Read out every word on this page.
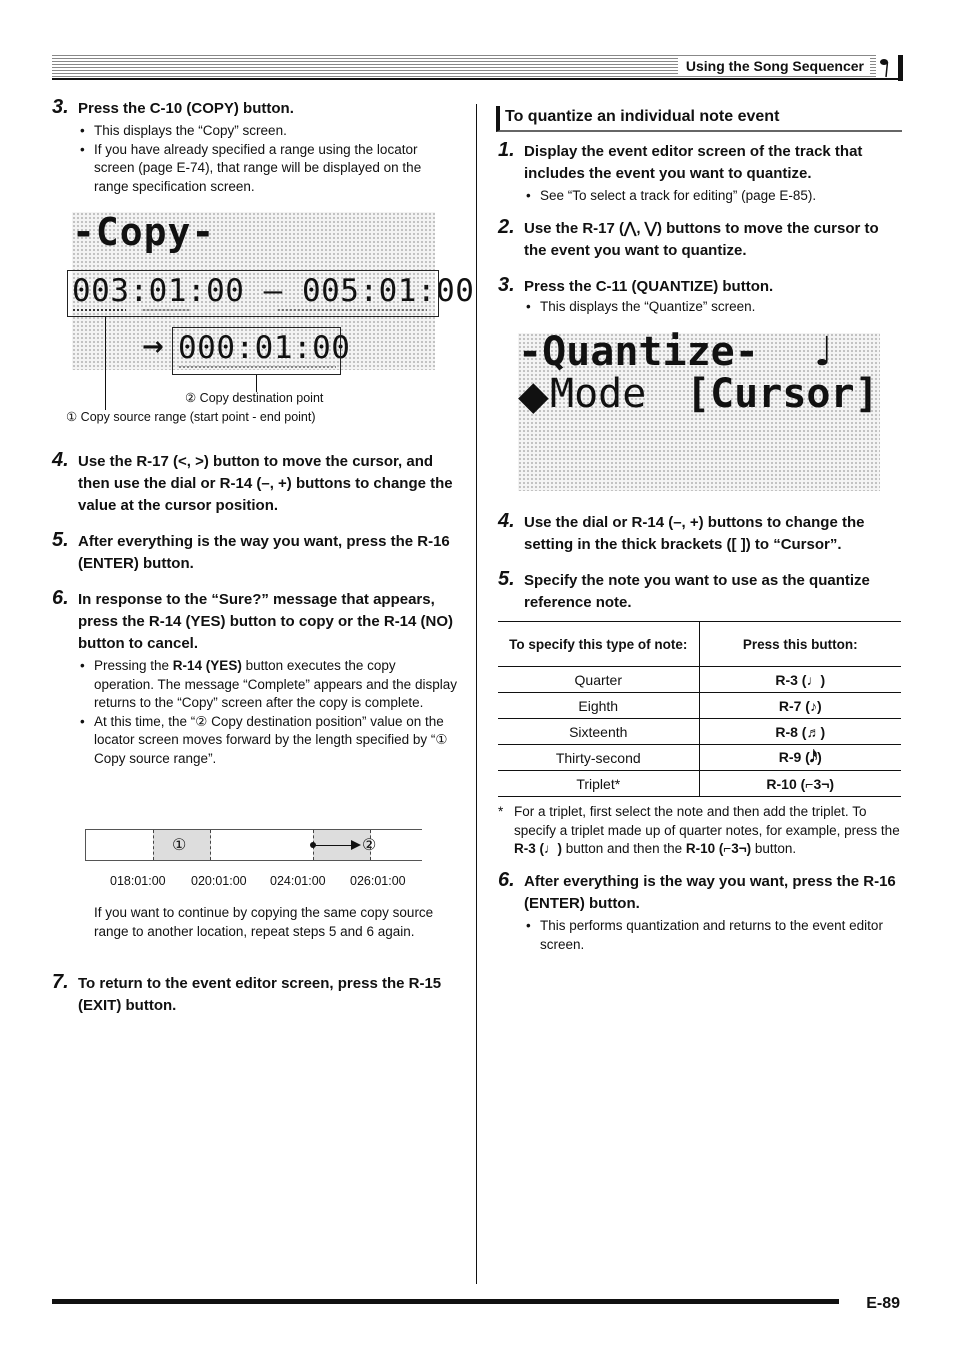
Using the Song Sequencer
3. Press the C-10 (COPY) button.
• This displays the “Copy” screen.
• If you have already specified a range using the locator screen (page E-74), that range will be displayed on the range specification screen.
-Copy-
003:01:00 — 005:01:00
→ 000:01:00
② Copy destination point
① Copy source range (start point - end point)
4. Use the R-17 (<, >) button to move the cursor, and then use the dial or R-14 (–, +) buttons to change the value at the cursor position.
5. After everything is the way you want, press the R-16 (ENTER) button.
6. In response to the “Sure?” message that appears, press the R-14 (YES) button to copy or the R-14 (NO) button to cancel.
• Pressing the R-14 (YES) button executes the copy operation. The message “Complete” appears and the display returns to the “Copy” screen after the copy is complete.
• At this time, the “② Copy destination position” value on the locator screen moves forward by the length specified by “① Copy source range”.
①	②
018:01:00 020:01:00 024:01:00 026:01:00
If you want to continue by copying the same copy source range to another location, repeat steps 5 and 6 again.
7. To return to the event editor screen, press the R-15 (EXIT) button.
To quantize an individual note event
1. Display the event editor screen of the track that includes the event you want to quantize.
• See “To select a track for editing” (page E-85).
2. Use the R-17 (⋀, ⋁) buttons to move the cursor to the event you want to quantize.
3. Press the C-11 (QUANTIZE) button.
• This displays the “Quantize” screen.
-Quantize- ♩
◆ Mode [Cursor]
4. Use the dial or R-14 (–, +) buttons to change the setting in the thick brackets ([ ]) to “Cursor”.
5. Specify the note you want to use as the quantize reference note.
To specify this type of note:	Press this button:
Quarter	R-3 (♩)
Eighth	R-7 (♪)
Sixteenth	R-8 (♬)
Thirty-second	R-9 (𝅘𝅥𝅰)
Triplet*	R-10 (⌐3¬)
* For a triplet, first select the note and then add the triplet. To specify a triplet made up of quarter notes, for example, press the R-3 (♩) button and then the R-10 (⌐3¬) button.
6. After everything is the way you want, press the R-16 (ENTER) button.
• This performs quantization and returns to the event editor screen.
E-89
